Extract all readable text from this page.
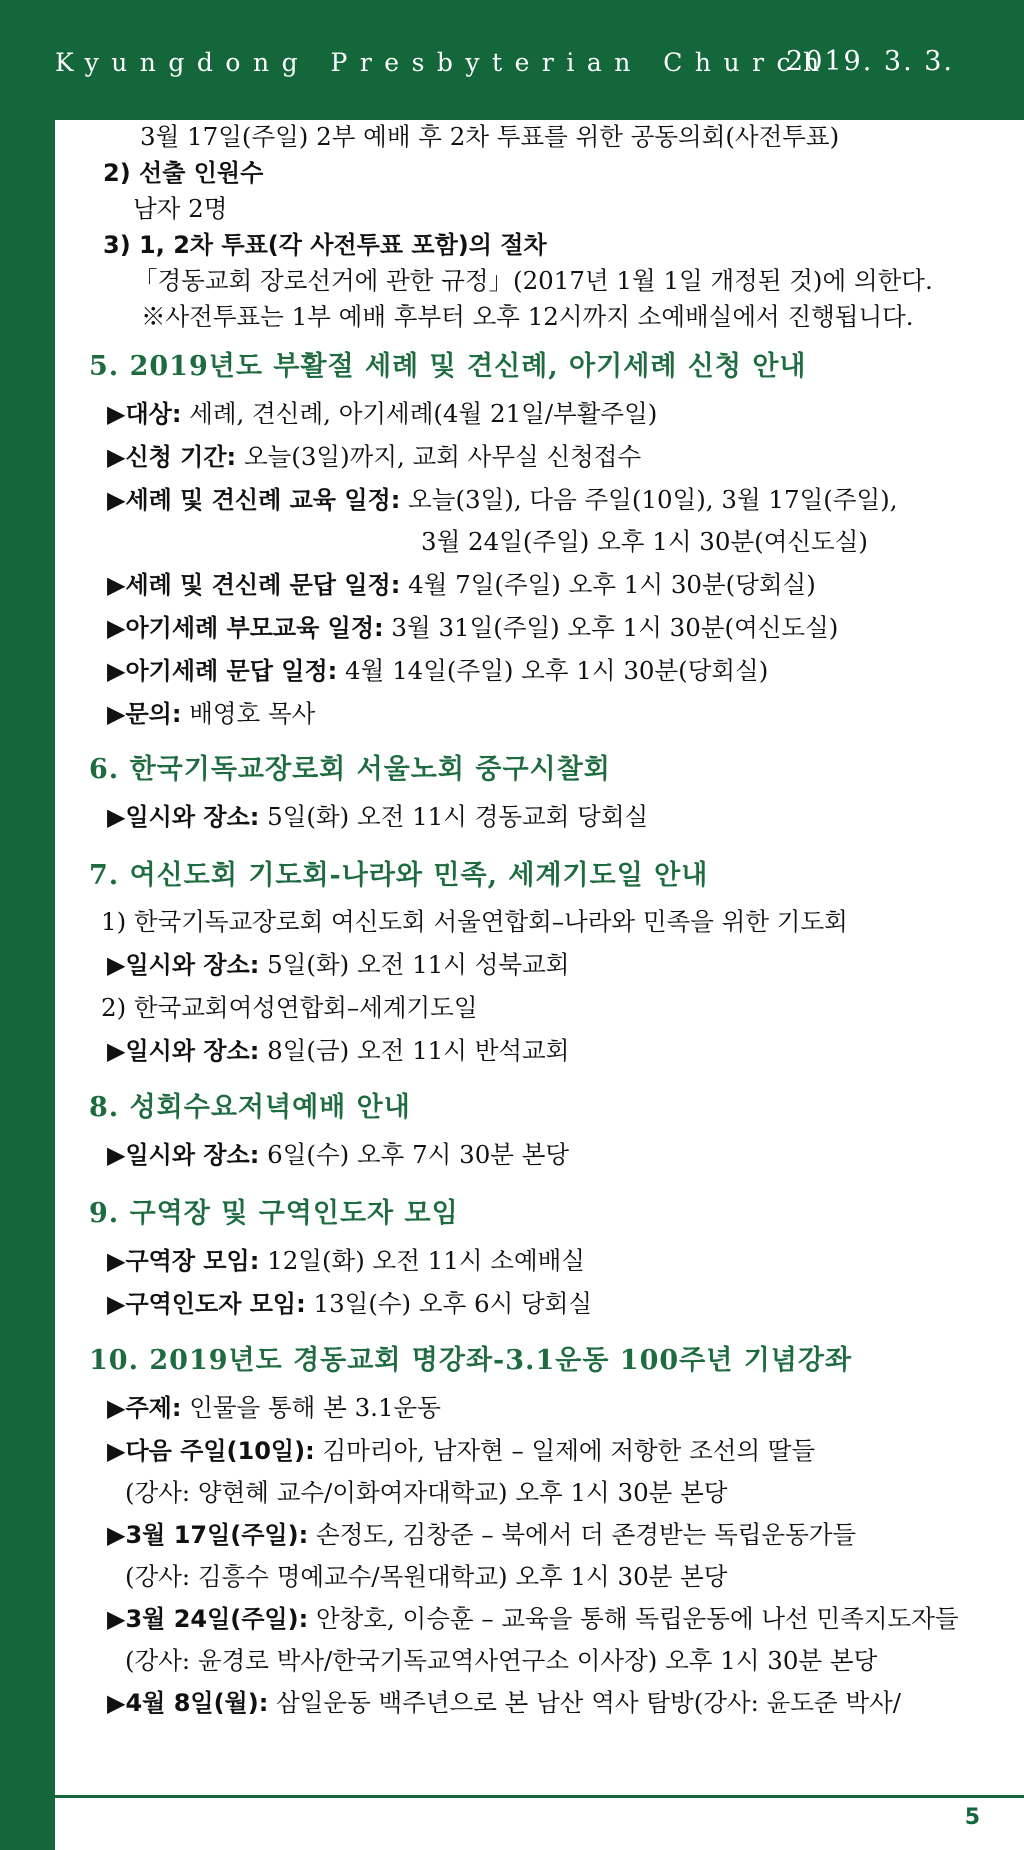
Kyungdong Presbyterian Church
2019. 3. 3.
3월 17일(주일) 2부 예배 후 2차 투표를 위한 공동의회(사전투표)
2) 선출 인원수
남자 2명
3) 1, 2차 투표(각 사전투표 포함)의 절차
「경동교회 장로선거에 관한 규정」(2017년 1월 1일 개정된 것)에 의한다.
※사전투표는 1부 예배 후부터 오후 12시까지 소예배실에서 진행됩니다.
5. 2019년도 부활절 세례 및 견신례, 아기세례 신청 안내
▶대상: 세례, 견신례, 아기세례(4월 21일/부활주일)
▶신청 기간: 오늘(3일)까지, 교회 사무실 신청접수
▶세례 및 견신례 교육 일정: 오늘(3일), 다음 주일(10일), 3월 17일(주일),
3월 24일(주일) 오후 1시 30분(여신도실)
▶세례 및 견신례 문답 일정: 4월 7일(주일) 오후 1시 30분(당회실)
▶아기세례 부모교육 일정: 3월 31일(주일) 오후 1시 30분(여신도실)
▶아기세례 문답 일정: 4월 14일(주일) 오후 1시 30분(당회실)
▶문의: 배영호 목사
6. 한국기독교장로회 서울노회 중구시찰회
▶일시와 장소: 5일(화) 오전 11시 경동교회 당회실
7. 여신도회 기도회-나라와 민족, 세계기도일 안내
1) 한국기독교장로회 여신도회 서울연합회–나라와 민족을 위한 기도회
▶일시와 장소: 5일(화) 오전 11시 성북교회
2) 한국교회여성연합회–세계기도일
▶일시와 장소: 8일(금) 오전 11시 반석교회
8. 성회수요저녁예배 안내
▶일시와 장소: 6일(수) 오후 7시 30분 본당
9. 구역장 및 구역인도자 모임
▶구역장 모임: 12일(화) 오전 11시 소예배실
▶구역인도자 모임: 13일(수) 오후 6시 당회실
10. 2019년도 경동교회 명강좌-3.1운동 100주년 기념강좌
▶주제: 인물을 통해 본 3.1운동
▶다음 주일(10일): 김마리아, 남자현 – 일제에 저항한 조선의 딸들
(강사: 양현혜 교수/이화여자대학교) 오후 1시 30분 본당
▶3월 17일(주일): 손정도, 김창준 – 북에서 더 존경받는 독립운동가들
(강사: 김흥수 명예교수/목원대학교) 오후 1시 30분 본당
▶3월 24일(주일): 안창호, 이승훈 – 교육을 통해 독립운동에 나선 민족지도자들
(강사: 윤경로 박사/한국기독교역사연구소 이사장) 오후 1시 30분 본당
▶4월 8일(월): 삼일운동 백주년으로 본 남산 역사 탐방(강사: 윤도준 박사/
5
